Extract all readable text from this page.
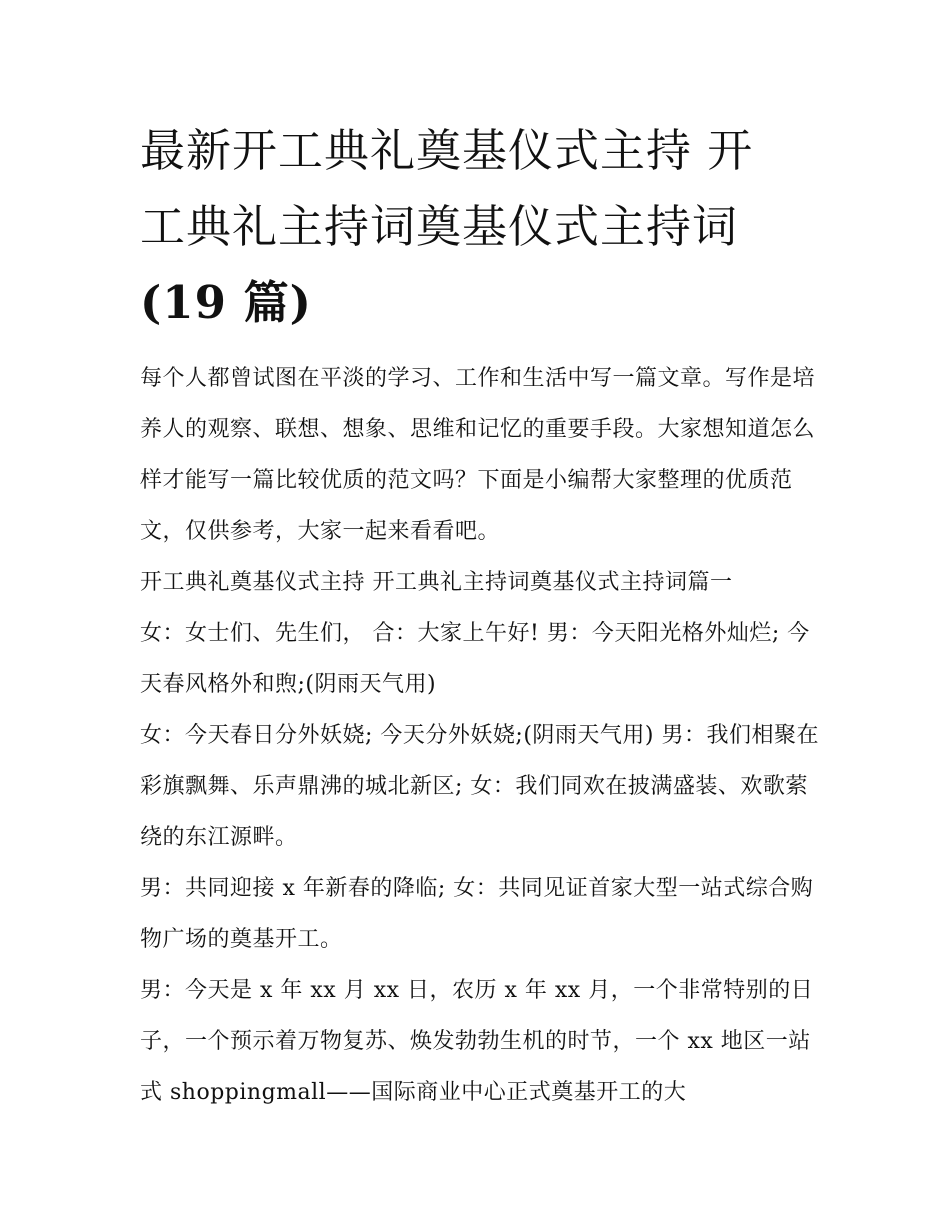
最新开工典礼奠基仪式主持 开
工典礼主持词奠基仪式主持词
(19 篇)

每个人都曾试图在平淡的学习、工作和生活中写一篇文章。写作是培养人的观察、联想、想象、思维和记忆的重要手段。大家想知道怎么样才能写一篇比较优质的范文吗？下面是小编帮大家整理的优质范文，仅供参考，大家一起来看看吧。

开工典礼奠基仪式主持 开工典礼主持词奠基仪式主持词篇一

女：女士们、先生们， 合：大家上午好! 男：今天阳光格外灿烂; 今天春风格外和煦;(阴雨天气用)

女：今天春日分外妖娆; 今天分外妖娆;(阴雨天气用) 男：我们相聚在彩旗飘舞、乐声鼎沸的城北新区; 女：我们同欢在披满盛装、欢歌萦绕的东江源畔。

男：共同迎接 x 年新春的降临; 女：共同见证首家大型一站式综合购物广场的奠基开工。

男：今天是 x 年 xx 月 xx 日，农历 x 年 xx 月，一个非常特别的日子，一个预示着万物复苏、焕发勃勃生机的时节，一个 xx 地区一站式 shoppingmall——国际商业中心正式奠基开工的大
